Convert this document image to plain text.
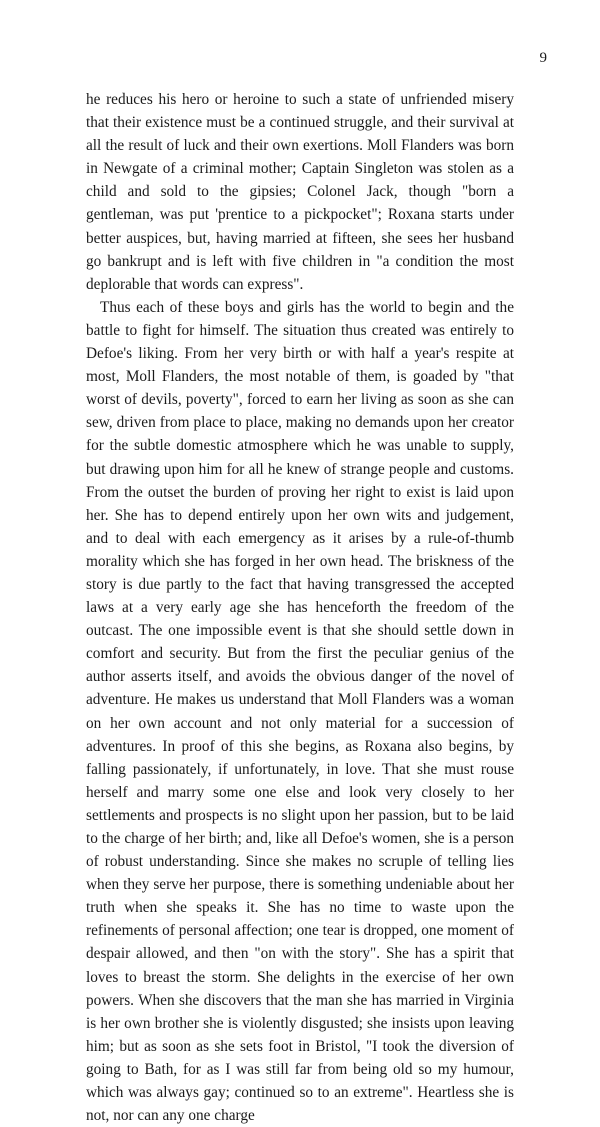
9

he reduces his hero or heroine to such a state of unfriended misery that their existence must be a continued struggle, and their survival at all the result of luck and their own exertions. Moll Flanders was born in Newgate of a criminal mother; Captain Singleton was stolen as a child and sold to the gipsies; Colonel Jack, though "born a gentleman, was put 'prentice to a pickpocket"; Roxana starts under better auspices, but, having married at fifteen, she sees her husband go bankrupt and is left with five children in "a condition the most deplorable that words can express".

Thus each of these boys and girls has the world to begin and the battle to fight for himself. The situation thus created was entirely to Defoe's liking. From her very birth or with half a year's respite at most, Moll Flanders, the most notable of them, is goaded by "that worst of devils, poverty", forced to earn her living as soon as she can sew, driven from place to place, making no demands upon her creator for the subtle domestic atmosphere which he was unable to supply, but drawing upon him for all he knew of strange people and customs. From the outset the burden of proving her right to exist is laid upon her. She has to depend entirely upon her own wits and judgement, and to deal with each emergency as it arises by a rule-of-thumb morality which she has forged in her own head. The briskness of the story is due partly to the fact that having transgressed the accepted laws at a very early age she has henceforth the freedom of the outcast. The one impossible event is that she should settle down in comfort and security. But from the first the peculiar genius of the author asserts itself, and avoids the obvious danger of the novel of adventure. He makes us understand that Moll Flanders was a woman on her own account and not only material for a succession of adventures. In proof of this she begins, as Roxana also begins, by falling passionately, if unfortunately, in love. That she must rouse herself and marry some one else and look very closely to her settlements and prospects is no slight upon her passion, but to be laid to the charge of her birth; and, like all Defoe's women, she is a person of robust understanding. Since she makes no scruple of telling lies when they serve her purpose, there is something undeniable about her truth when she speaks it. She has no time to waste upon the refinements of personal affection; one tear is dropped, one moment of despair allowed, and then "on with the story". She has a spirit that loves to breast the storm. She delights in the exercise of her own powers. When she discovers that the man she has married in Virginia is her own brother she is violently disgusted; she insists upon leaving him; but as soon as she sets foot in Bristol, "I took the diversion of going to Bath, for as I was still far from being old so my humour, which was always gay; continued so to an extreme". Heartless she is not, nor can any one charge
